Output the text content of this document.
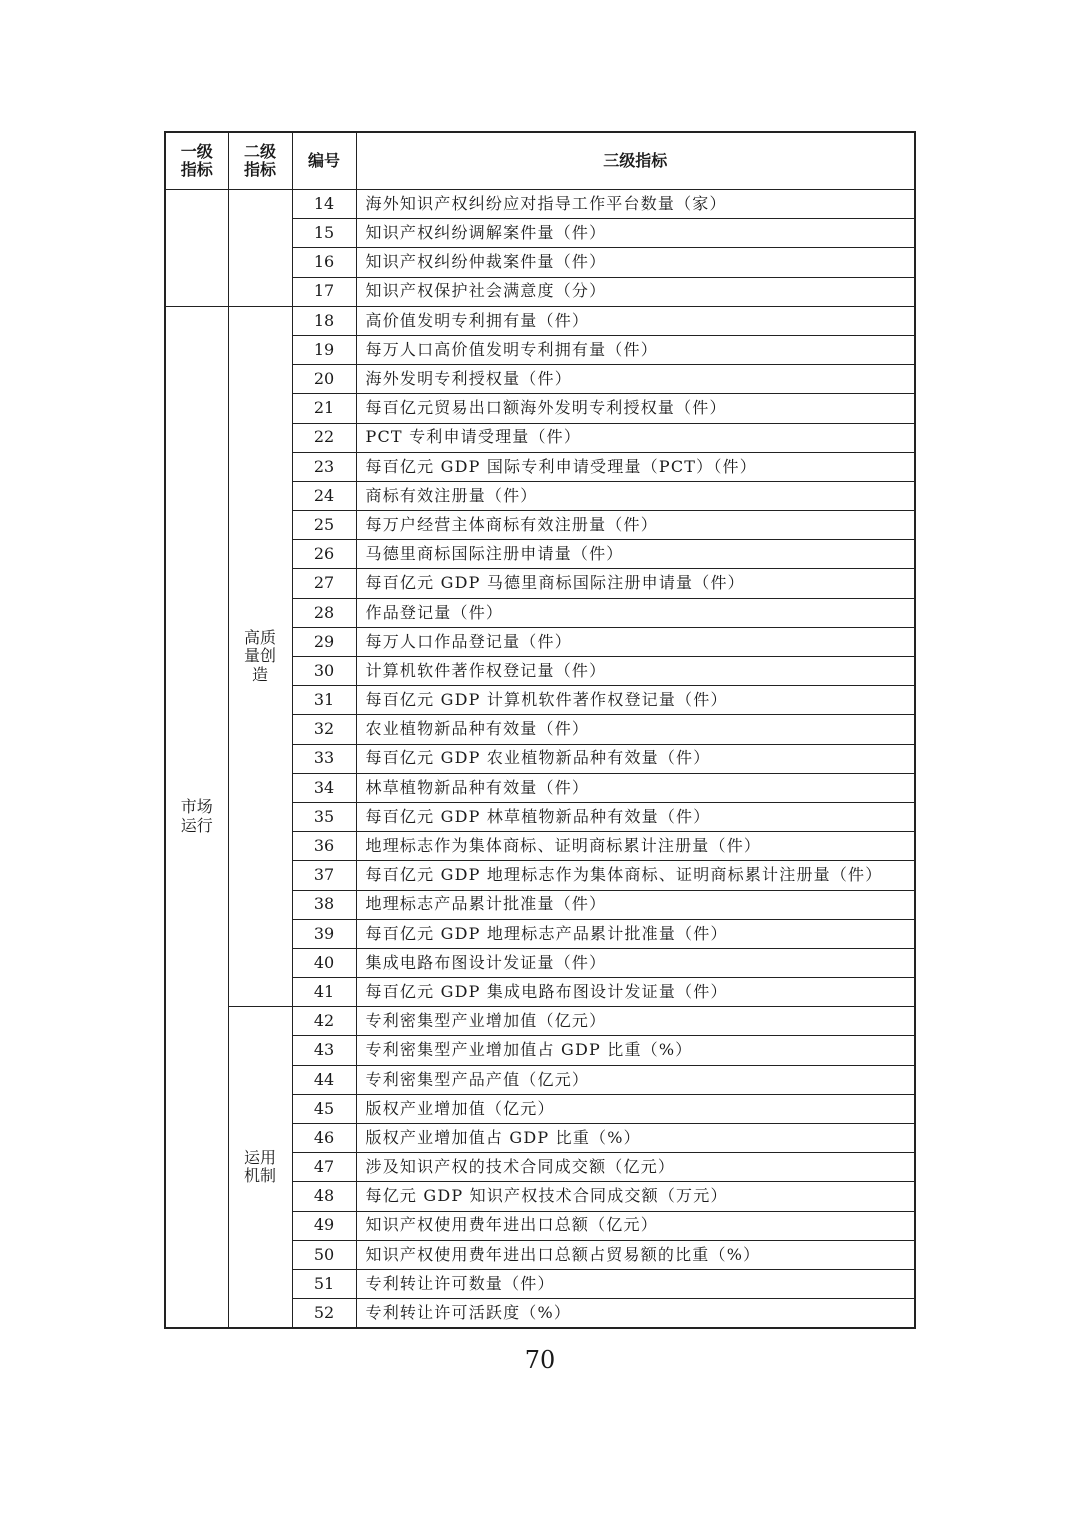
一级指标	二级指标	编号	三级指标
		14	海外知识产权纠纷应对指导工作平台数量（家）
		15	知识产权纠纷调解案件量（件）
		16	知识产权纠纷仲裁案件量（件）
		17	知识产权保护社会满意度（分）
市场运行	高质量创造	18	高价值发明专利拥有量（件）
		19	每万人口高价值发明专利拥有量（件）
		20	海外发明专利授权量（件）
		21	每百亿元贸易出口额海外发明专利授权量（件）
		22	PCT 专利申请受理量（件）
		23	每百亿元 GDP 国际专利申请受理量（PCT）（件）
		24	商标有效注册量（件）
		25	每万户经营主体商标有效注册量（件）
		26	马德里商标国际注册申请量（件）
		27	每百亿元 GDP 马德里商标国际注册申请量（件）
		28	作品登记量（件）
		29	每万人口作品登记量（件）
		30	计算机软件著作权登记量（件）
		31	每百亿元 GDP 计算机软件著作权登记量（件）
		32	农业植物新品种有效量（件）
		33	每百亿元 GDP 农业植物新品种有效量（件）
		34	林草植物新品种有效量（件）
		35	每百亿元 GDP 林草植物新品种有效量（件）
		36	地理标志作为集体商标、证明商标累计注册量（件）
		37	每百亿元 GDP 地理标志作为集体商标、证明商标累计注册量（件）
		38	地理标志产品累计批准量（件）
		39	每百亿元 GDP 地理标志产品累计批准量（件）
		40	集成电路布图设计发证量（件）
		41	每百亿元 GDP 集成电路布图设计发证量（件）
	运用机制	42	专利密集型产业增加值（亿元）
		43	专利密集型产业增加值占 GDP 比重（%）
		44	专利密集型产品产值（亿元）
		45	版权产业增加值（亿元）
		46	版权产业增加值占 GDP 比重（%）
		47	涉及知识产权的技术合同成交额（亿元）
		48	每亿元 GDP 知识产权技术合同成交额（万元）
		49	知识产权使用费年进出口总额（亿元）
		50	知识产权使用费年进出口总额占贸易额的比重（%）
		51	专利转让许可数量（件）
		52	专利转让许可活跃度（%）
70
